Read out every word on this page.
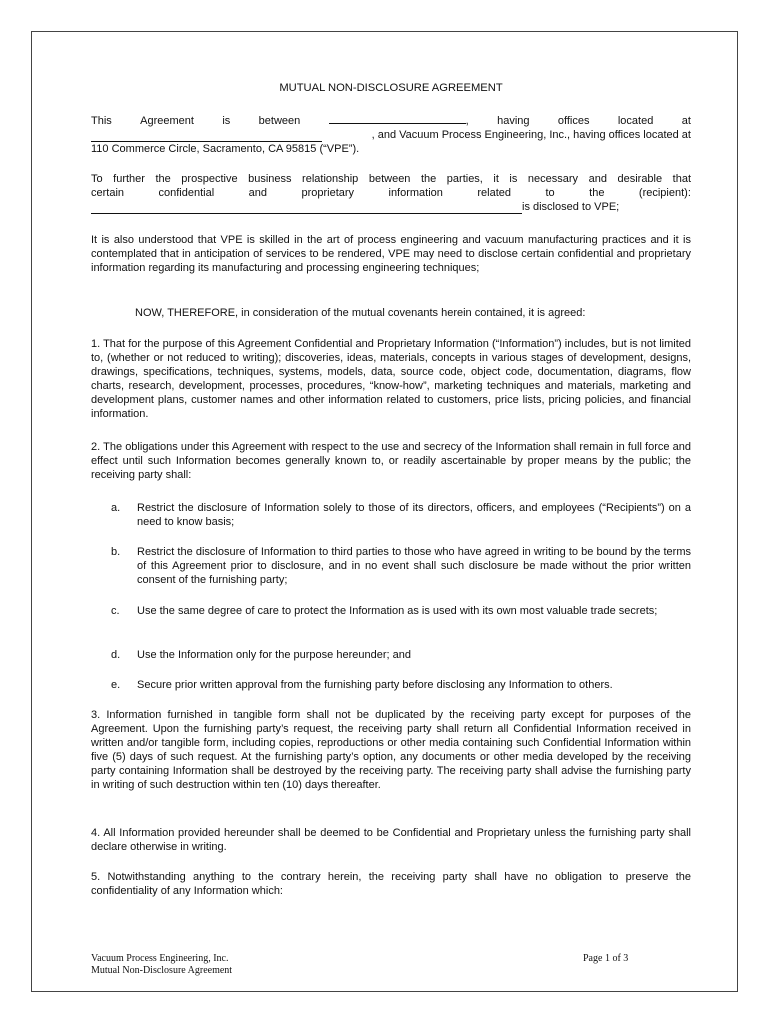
MUTUAL NON-DISCLOSURE AGREEMENT
This	Agreement	is	between	,	having	offices	located	at
, and Vacuum Process Engineering, Inc., having offices located at
110 Commerce Circle, Sacramento, CA 95815 (“VPE”).
To further the prospective business relationship between the parties, it is necessary and desirable that
certain	confidential	and	proprietary	information	related	to	the	(recipient):
is disclosed to VPE;
It is also understood that VPE is skilled in the art of process engineering and vacuum manufacturing practices and it is contemplated that in anticipation of services to be rendered, VPE may need to disclose certain confidential and proprietary information regarding its manufacturing and processing engineering techniques;
NOW, THEREFORE, in consideration of the mutual covenants herein contained, it is agreed:
1. That for the purpose of this Agreement Confidential and Proprietary Information (“Information”) includes, but is not limited to, (whether or not reduced to writing); discoveries, ideas, materials, concepts in various stages of development, designs, drawings, specifications, techniques, systems, models, data, source code, object code, documentation, diagrams, flow charts, research, development, processes, procedures, “know-how”, marketing techniques and materials, marketing and development plans, customer names and other information related to customers, price lists, pricing policies, and financial information.
2. The obligations under this Agreement with respect to the use and secrecy of the Information shall remain in full force and effect until such Information becomes generally known to, or readily ascertainable by proper means by the public; the receiving party shall:
a. Restrict the disclosure of Information solely to those of its directors, officers, and employees (“Recipients”) on a need to know basis;
b. Restrict the disclosure of Information to third parties to those who have agreed in writing to be bound by the terms of this Agreement prior to disclosure, and in no event shall such disclosure be made without the prior written consent of the furnishing party;
c. Use the same degree of care to protect the Information as is used with its own most valuable trade secrets;
d. Use the Information only for the purpose hereunder; and
e. Secure prior written approval from the furnishing party before disclosing any Information to others.
3. Information furnished in tangible form shall not be duplicated by the receiving party except for purposes of the Agreement. Upon the furnishing party’s request, the receiving party shall return all Confidential Information received in written and/or tangible form, including copies, reproductions or other media containing such Confidential Information within five (5) days of such request. At the furnishing party’s option, any documents or other media developed by the receiving party containing Information shall be destroyed by the receiving party. The receiving party shall advise the furnishing party in writing of such destruction within ten (10) days thereafter.
4. All Information provided hereunder shall be deemed to be Confidential and Proprietary unless the furnishing party shall declare otherwise in writing.
5. Notwithstanding anything to the contrary herein, the receiving party shall have no obligation to preserve the confidentiality of any Information which:
Vacuum Process Engineering, Inc.
Mutual Non-Disclosure Agreement
Page 1 of 3
